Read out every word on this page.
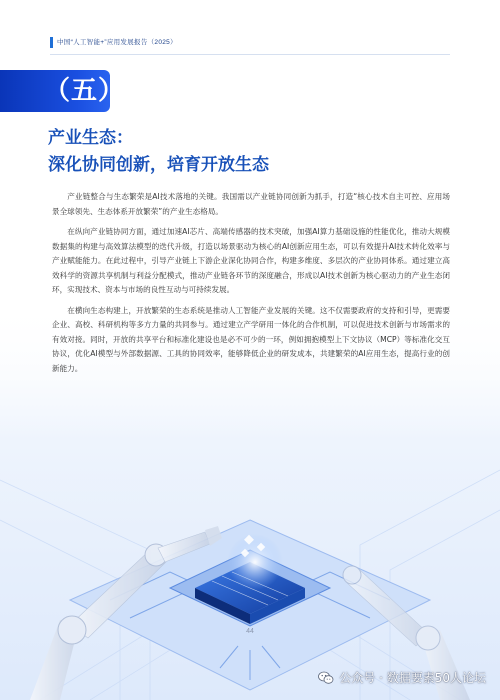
中国“人工智能+”应用发展报告（2025）
（五）
产业生态：
深化协同创新，培育开放生态

产业链整合与生态繁荣是AI技术落地的关键。我国需以产业链协同创新为抓手，打造“核心技术自主可控、应用场景全球领先、生态体系开放繁荣”的产业生态格局。

在纵向产业链协同方面，通过加速AI芯片、高端传感器的技术突破，加强AI算力基础设施的性能优化，推动大规模数据集的构建与高效算法模型的迭代升级，打造以场景驱动为核心的AI创新应用生态，可以有效提升AI技术转化效率与产业赋能能力。在此过程中，引导产业链上下游企业深化协同合作，构建多维度、多层次的产业协同体系。通过建立高效科学的资源共享机制与利益分配模式，推动产业链各环节的深度融合，形成以AI技术创新为核心驱动力的产业生态闭环，实现技术、资本与市场的良性互动与可持续发展。

在横向生态构建上，开放繁荣的生态系统是推动人工智能产业发展的关键。这不仅需要政府的支持和引导，更需要企业、高校、科研机构等多方力量的共同参与。通过建立产学研用一体化的合作机制，可以促进技术创新与市场需求的有效对接。同时，开放的共享平台和标准化建设也是必不可少的一环，例如拥抱模型上下文协议（MCP）等标准化交互协议，优化AI模型与外部数据源、工具的协同效率，能够降低企业的研发成本，共建繁荣的AI应用生态，提高行业的创新能力。

44
公众号 · 数据要素50人论坛
